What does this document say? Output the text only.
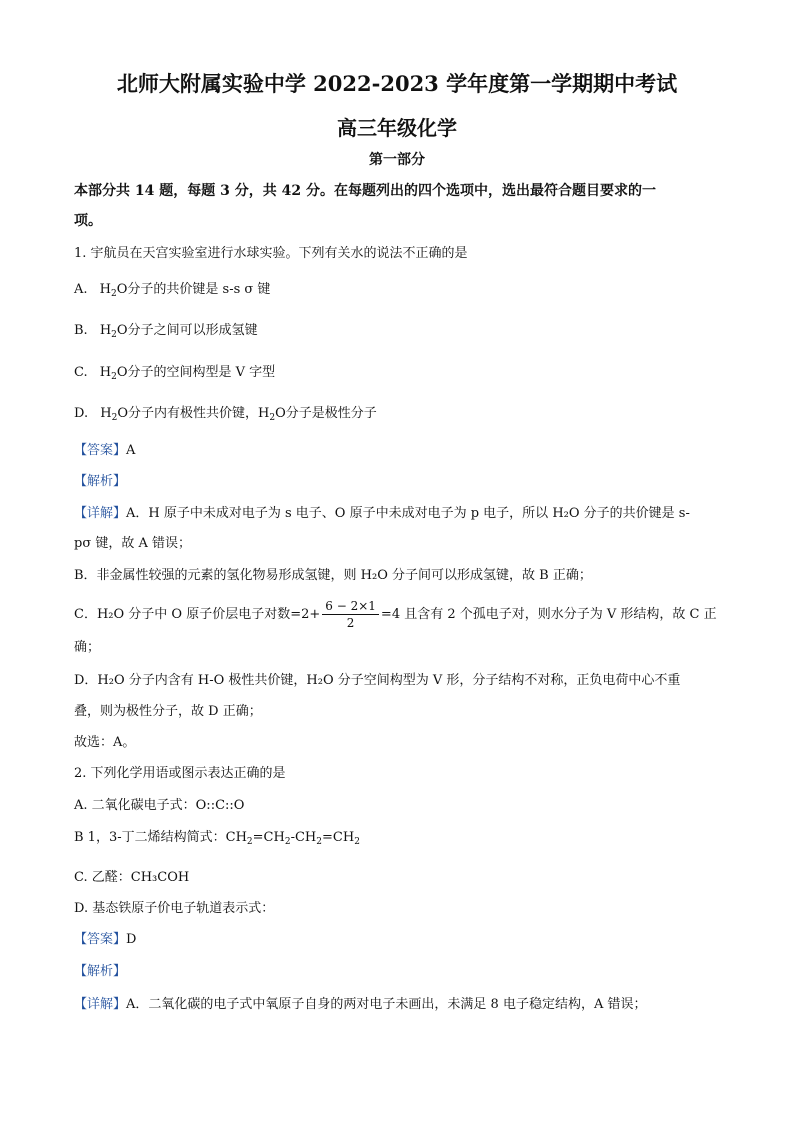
北师大附属实验中学 2022-2023 学年度第一学期期中考试
高三年级化学
第一部分
本部分共 14 题，每题 3 分，共 42 分。在每题列出的四个选项中，选出最符合题目要求的一
项。
1. 宇航员在天宫实验室进行水球实验。下列有关水的说法不正确的是
A. $H_2O$分子的共价键是 s-s σ 键
B. $H_2O$分子之间可以形成氢键
C. $H_2O$分子的空间构型是 V 字型
D. $H_2O$分子内有极性共价键，$H_2O$分子是极性分子
【答案】A
【解析】
【详解】A．H 原子中未成对电子为 s 电子、O 原子中未成对电子为 p 电子，所以 H₂O 分子的共价键是 s-
pσ 键，故 A 错误；
B．非金属性较强的元素的氢化物易形成氢键，则 H₂O 分子间可以形成氢键，故 B 正确；
C．H₂O 分子中 O 原子价层电子对数$=2+ \frac{6 - 2\times 1}{2} =4$ 且含有 2 个孤电子对，则水分子为 V 形结构，故 C 正
确；
D．H₂O 分子内含有 H-O 极性共价键，H₂O 分子空间构型为 V 形，分子结构不对称，正负电荷中心不重
叠，则为极性分子，故 D 正确；
故选：A。
2. 下列化学用语或图示表达正确的是
A. 二氧化碳电子式：O::C::O
B 1，3-丁二烯结构简式：$CH_2=CH_2-CH_2=CH_2$
C. 乙醛：CH₃COH
D. 基态铁原子价电子轨道表示式：
【答案】D
【解析】
【详解】A．二氧化碳的电子式中氧原子自身的两对电子未画出，未满足 8 电子稳定结构，A 错误；
